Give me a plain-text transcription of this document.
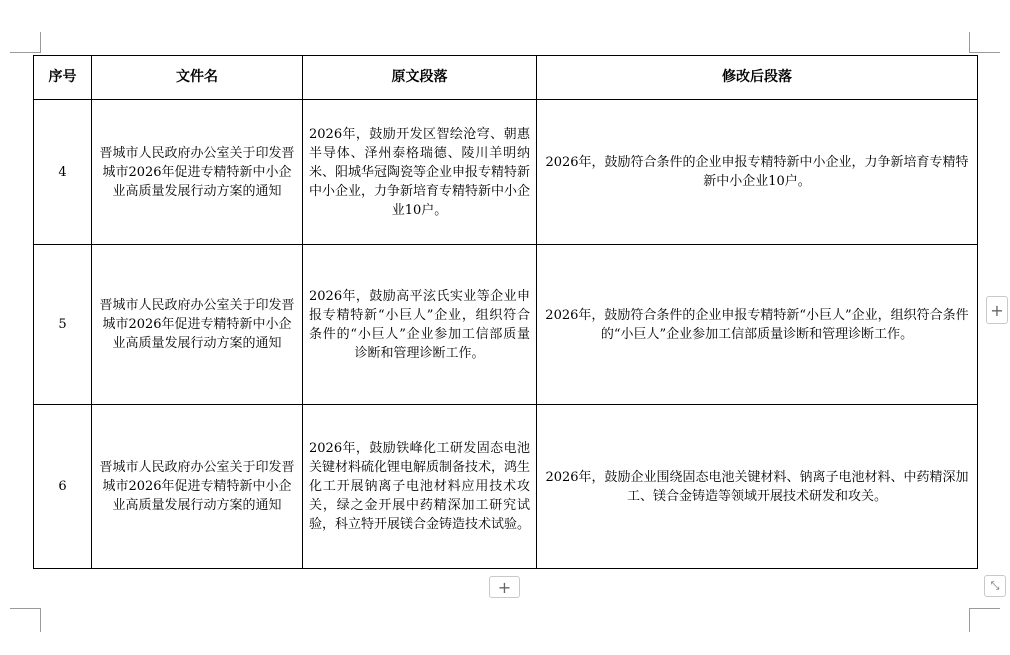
序号	文件名	原文段落	修改后段落
4	晋城市人民政府办公室关于印发晋城市2026年促进专精特新中小企业高质量发展行动方案的通知	2026年，鼓励开发区智绘沧穹、朝惠半导体、泽州泰格瑞德、陵川羊明纳米、阳城华冠陶瓷等企业申报专精特新中小企业，力争新培育专精特新中小企业10户。	2026年，鼓励符合条件的企业申报专精特新中小企业，力争新培育专精特新中小企业10户。
5	晋城市人民政府办公室关于印发晋城市2026年促进专精特新中小企业高质量发展行动方案的通知	2026年，鼓励高平泫氏实业等企业申报专精特新“小巨人”企业，组织符合条件的“小巨人”企业参加工信部质量诊断和管理诊断工作。	2026年，鼓励符合条件的企业申报专精特新“小巨人”企业，组织符合条件的“小巨人”企业参加工信部质量诊断和管理诊断工作。
6	晋城市人民政府办公室关于印发晋城市2026年促进专精特新中小企业高质量发展行动方案的通知	2026年，鼓励铁峰化工研发固态电池关键材料硫化锂电解质制备技术，鸿生化工开展钠离子电池材料应用技术攻关，绿之金开展中药精深加工研究试验，科立特开展镁合金铸造技术试验。	2026年，鼓励企业围绕固态电池关键材料、钠离子电池材料、中药精深加工、镁合金铸造等领域开展技术研发和攻关。
+
+	⤡
